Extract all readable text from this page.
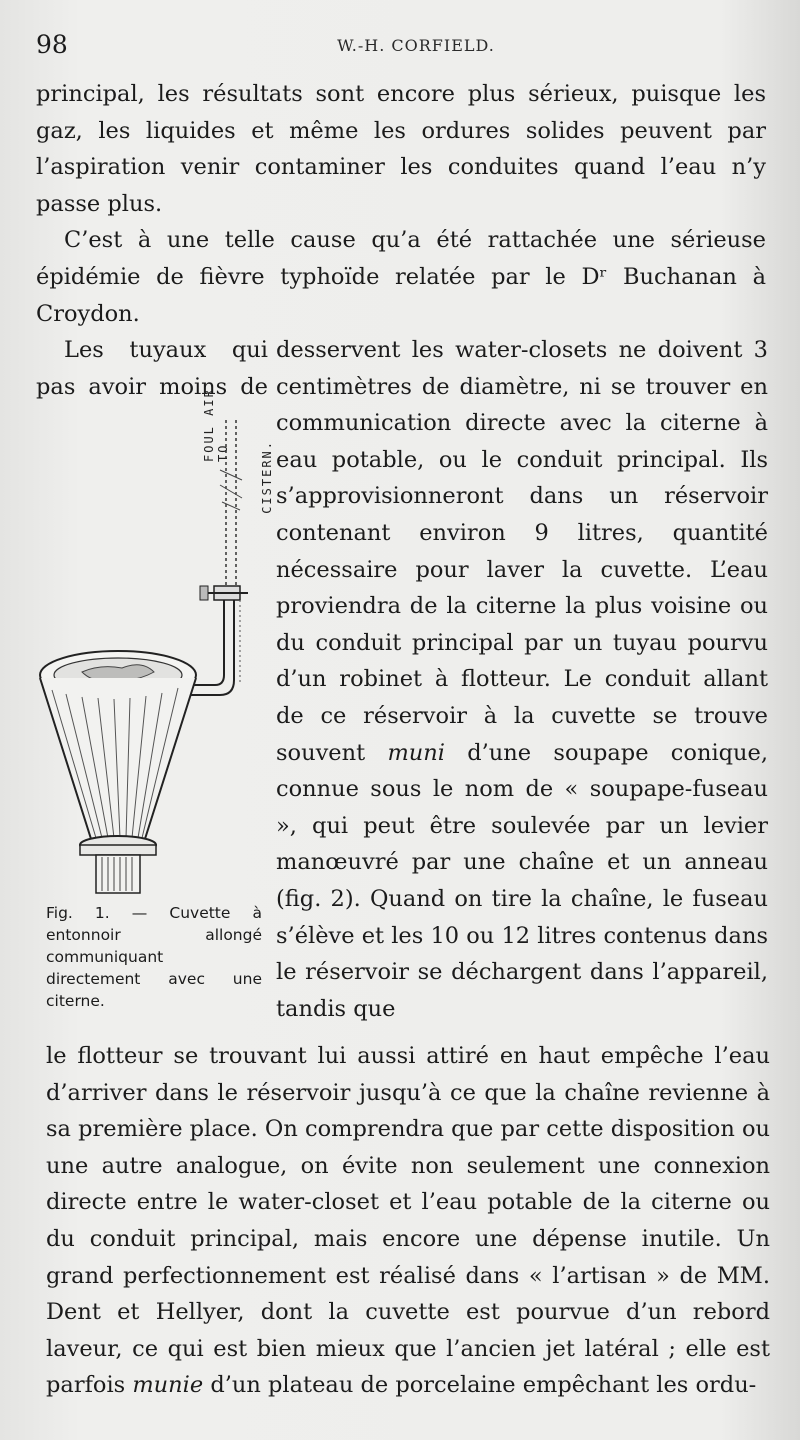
98	W.-H. CORFIELD.

principal, les résultats sont encore plus sérieux, puisque les gaz, les liquides et même les ordures solides peuvent par l’aspiration venir contaminer les conduites quand l’eau n’y passe plus.

C’est à une telle cause qu’a été rattachée une sérieuse épidémie de fièvre typhoïde relatée par le Dʳ Buchanan à Croydon.

Les tuyaux qui
pas avoir moins de

desservent les water-closets ne doivent 3 centimètres de diamètre, ni se trouver en communication directe avec la citerne à eau potable, ou le conduit principal. Ils s’approvisionneront dans un réservoir contenant environ 9 litres, quantité nécessaire pour laver la cuvette. L’eau proviendra de la citerne la plus voisine ou du conduit principal par un tuyau pourvu d’un robinet à flotteur. Le conduit allant de ce réservoir à la cuvette se trouve souvent muni d’une soupape conique, connue sous le nom de « soupape-fuseau », qui peut être soulevée par un levier manœuvré par une chaîne et un anneau (fig. 2). Quand on tire la chaîne, le fuseau s’élève et les 10 ou 12 litres contenus dans le réservoir se déchargent dans l’appareil, tandis que

FOUL AIR TO	CISTERN.
Fig. 1. — Cuvette à entonnoir allongé communiquant directement avec une citerne.

le flotteur se trouvant lui aussi attiré en haut empêche l’eau d’arriver dans le réservoir jusqu’à ce que la chaîne revienne à sa première place. On comprendra que par cette disposition ou une autre analogue, on évite non seulement une connexion directe entre le water-closet et l’eau potable de la citerne ou du conduit principal, mais encore une dépense inutile. Un grand perfectionnement est réalisé dans « l’artisan » de MM. Dent et Hellyer, dont la cuvette est pourvue d’un rebord laveur, ce qui est bien mieux que l’ancien jet latéral ; elle est parfois munie d’un plateau de porcelaine empêchant les ordu-
